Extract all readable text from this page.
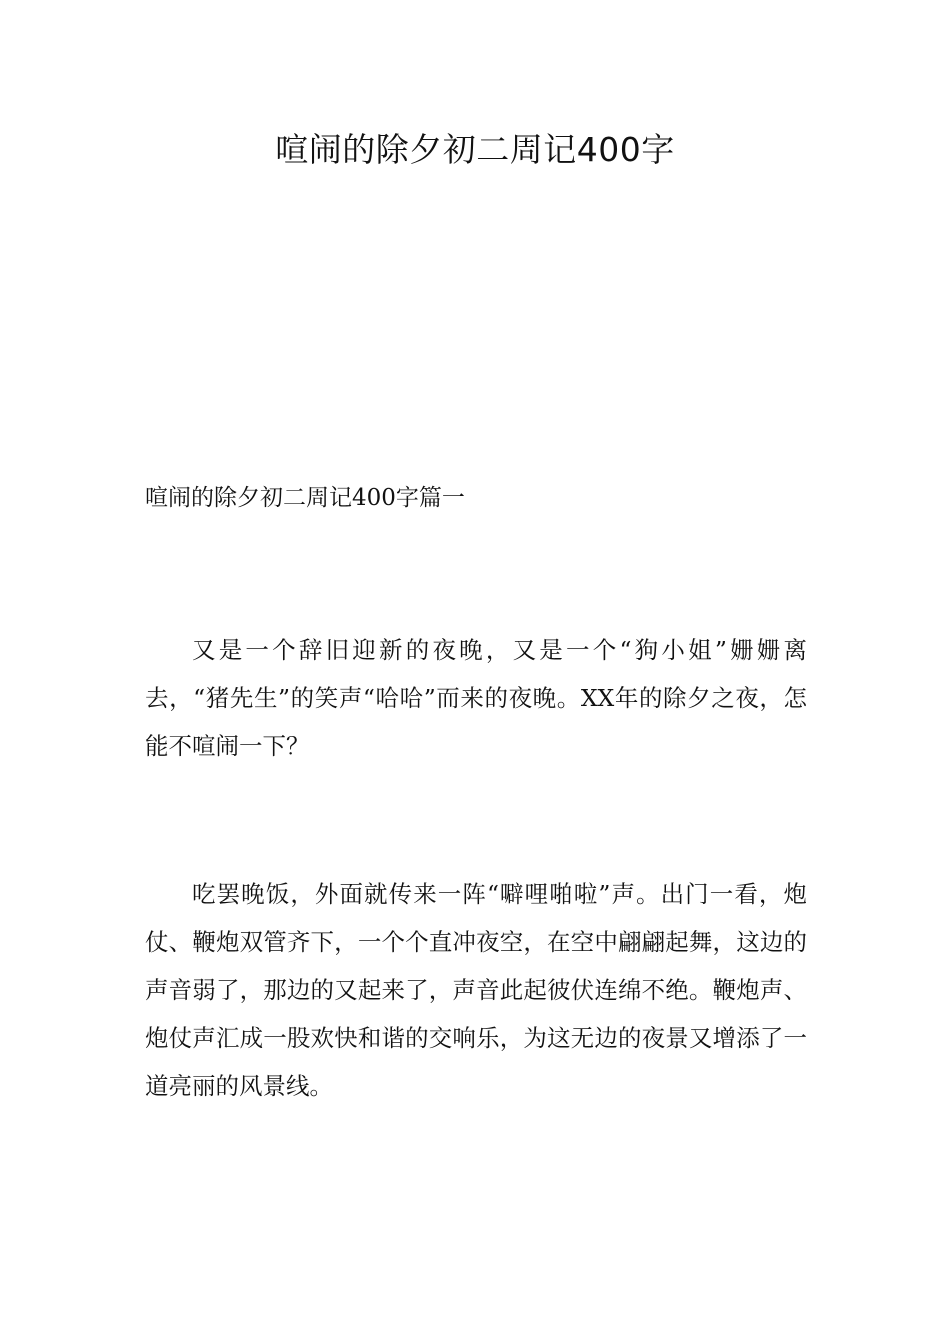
喧闹的除夕初二周记400字
喧闹的除夕初二周记400字篇一

又是一个辞旧迎新的夜晚，又是一个“狗小姐”姗姗离去，“猪先生”的笑声“哈哈”而来的夜晚。XX年的除夕之夜，怎能不喧闹一下？

吃罢晚饭，外面就传来一阵“噼哩啪啦”声。出门一看，炮仗、鞭炮双管齐下，一个个直冲夜空，在空中翩翩起舞，这边的声音弱了，那边的又起来了，声音此起彼伏连绵不绝。鞭炮声、炮仗声汇成一股欢快和谐的交响乐，为这无边的夜景又增添了一道亮丽的风景线。
